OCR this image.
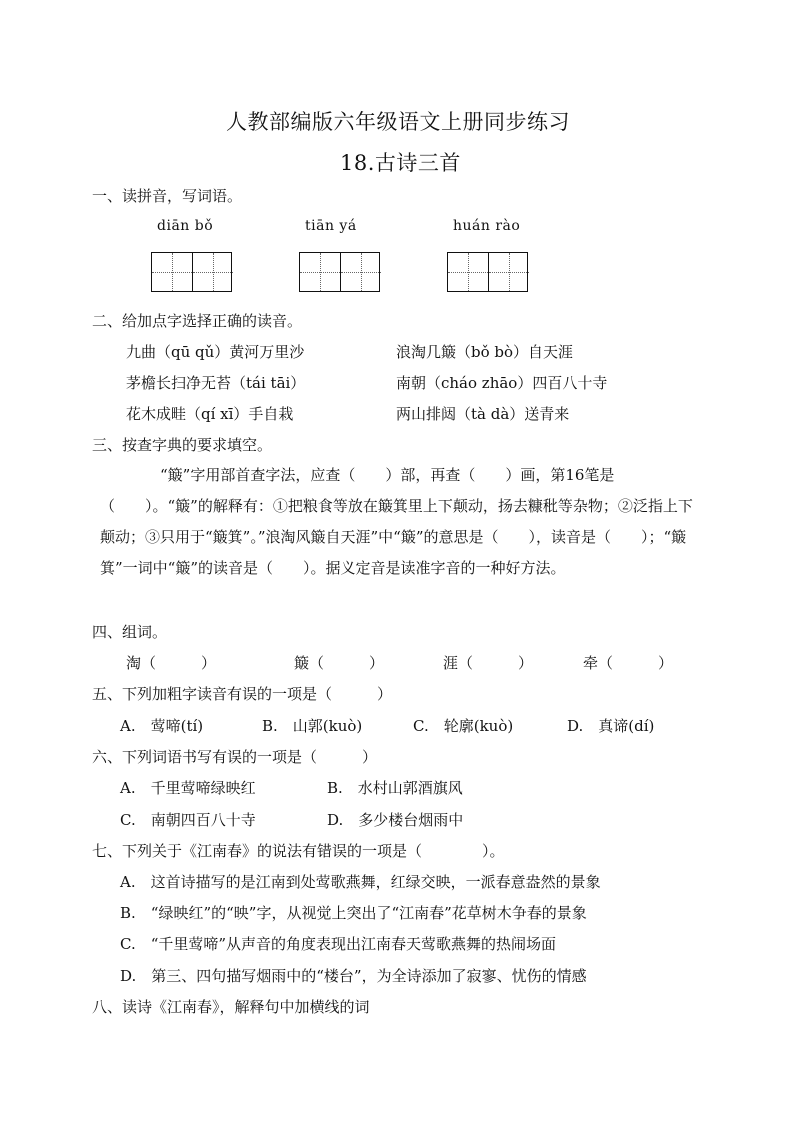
人教部编版六年级语文上册同步练习
18.古诗三首
一、读拼音，写词语。
diān bǒ	tiān yá	huán rào
二、给加点字选择正确的读音。
九曲（qū qǔ）黄河万里沙	浪淘几簸（bǒ bò）自天涯
茅檐长扫净无苔（tái tāi）	南朝（cháo zhāo）四百八十寺
花木成畦（qí xī）手自栽	两山排闼（tà dà）送青来
三、按查字典的要求填空。
“簸”字用部首查字法，应查（　　）部，再查（　　）画，第16笔是（　　）。“簸”的解释有：①把粮食等放在簸箕里上下颠动，扬去糠秕等杂物；②泛指上下颠动；③只用于“簸箕”。”浪淘风簸自天涯”中“簸”的意思是（　　），读音是（　　）；“簸箕”一词中“簸”的读音是（　　）。据义定音是读准字音的一种好方法。
四、组词。
淘（　　　）	簸（　　　）	涯（　　　）	牵（　　　）
五、下列加粗字读音有误的一项是（　　　）
A.　莺啼(tí)	B.　山郭(kuò)	C.　轮廓(kuò)	D.　真谛(dí)
六、下列词语书写有误的一项是（　　　）
A.　千里莺啼绿映红	B.　水村山郭酒旗风
C.　南朝四百八十寺	D.　多少楼台烟雨中
七、下列关于《江南春》的说法有错误的一项是（　　　　）。
A.　这首诗描写的是江南到处莺歌燕舞，红绿交映，一派春意盎然的景象
B.　“绿映红”的“映”字，从视觉上突出了“江南春”花草树木争春的景象
C.　“千里莺啼”从声音的角度表现出江南春天莺歌燕舞的热闹场面
D.　第三、四句描写烟雨中的“楼台”，为全诗添加了寂寥、忧伤的情感
八、读诗《江南春》，解释句中加横线的词
